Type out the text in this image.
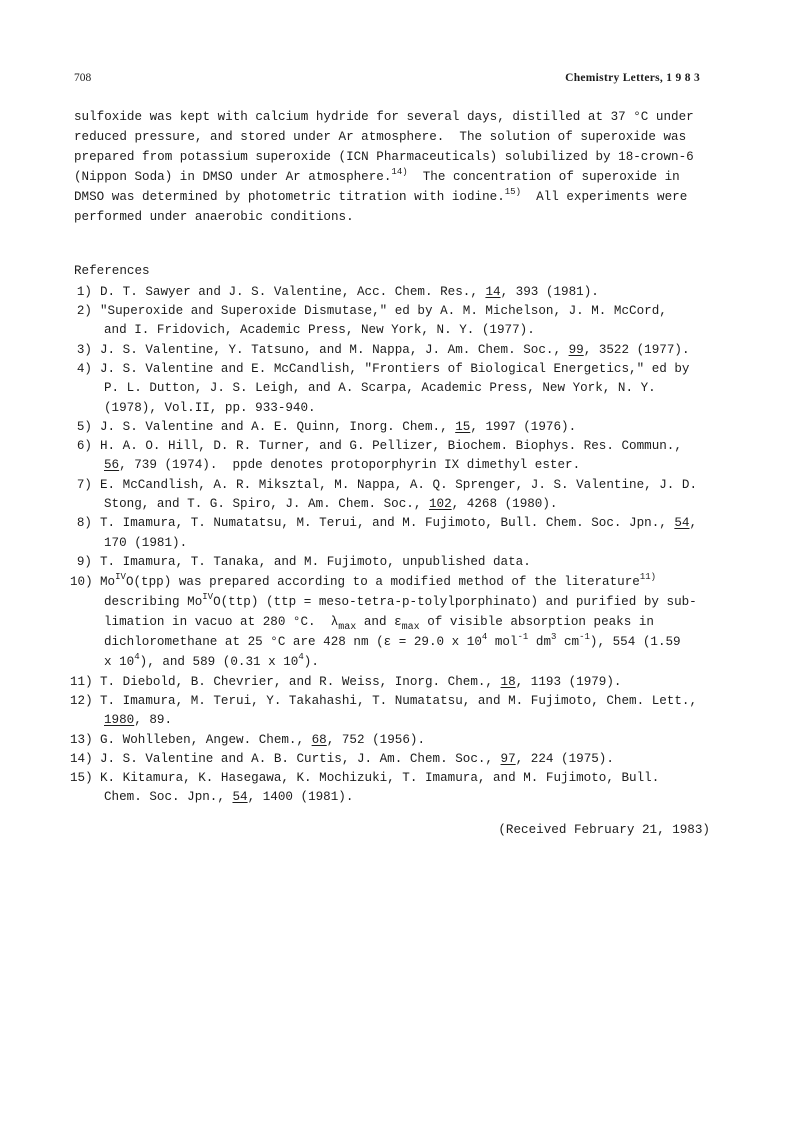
708	Chemistry Letters, 1 9 8 3
sulfoxide was kept with calcium hydride for several days, distilled at 37 °C under
reduced pressure, and stored under Ar atmosphere.  The solution of superoxide was
prepared from potassium superoxide (ICN Pharmaceuticals) solubilized by 18-crown-6
(Nippon Soda) in DMSO under Ar atmosphere.$^{14)}$  The concentration of superoxide in
DMSO was determined by photometric titration with iodine.$^{15)}$  All experiments were
performed under anaerobic conditions.
References
1) D. T. Sawyer and J. S. Valentine, Acc. Chem. Res., 14, 393 (1981).
2) "Superoxide and Superoxide Dismutase," ed by A. M. Michelson, J. M. McCord,
and I. Fridovich, Academic Press, New York, N. Y. (1977).
3) J. S. Valentine, Y. Tatsuno, and M. Nappa, J. Am. Chem. Soc., 99, 3522 (1977).
4) J. S. Valentine and E. McCandlish, "Frontiers of Biological Energetics," ed by
P. L. Dutton, J. S. Leigh, and A. Scarpa, Academic Press, New York, N. Y.
(1978), Vol.II, pp. 933-940.
5) J. S. Valentine and A. E. Quinn, Inorg. Chem., 15, 1997 (1976).
6) H. A. O. Hill, D. R. Turner, and G. Pellizer, Biochem. Biophys. Res. Commun.,
56, 739 (1974).  ppde denotes protoporphyrin IX dimethyl ester.
7) E. McCandlish, A. R. Miksztal, M. Nappa, A. Q. Sprenger, J. S. Valentine, J. D.
Stong, and T. G. Spiro, J. Am. Chem. Soc., 102, 4268 (1980).
8) T. Imamura, T. Numatatsu, M. Terui, and M. Fujimoto, Bull. Chem. Soc. Jpn., 54,
170 (1981).
9) T. Imamura, T. Tanaka, and M. Fujimoto, unpublished data.
10) $Mo^{IV}O(tpp)$ was prepared according to a modified method of the literature$^{11)}$
describing $Mo^{IV}O(ttp) (ttp$ = meso-tetra-p-tolylporphinato) and purified by sub-
limation in vacuo at 280 °C.  $\lambda_{max}$ and $\varepsilon_{max}$ of visible absorption peaks in
dichloromethane at 25 °C are 428 nm (ε = 29.0 x $10^4$ mol$^{-1}$ $dm^3$ $cm^{-1}$), 554 (1.59
x $10^4$), and 589 (0.31 x $10^4$).
11) T. Diebold, B. Chevrier, and R. Weiss, Inorg. Chem., 18, 1193 (1979).
12) T. Imamura, M. Terui, Y. Takahashi, T. Numatatsu, and M. Fujimoto, Chem. Lett.,
1980, 89.
13) G. Wohlleben, Angew. Chem., 68, 752 (1956).
14) J. S. Valentine and A. B. Curtis, J. Am. Chem. Soc., 97, 224 (1975).
15) K. Kitamura, K. Hasegawa, K. Mochizuki, T. Imamura, and M. Fujimoto, Bull.
Chem. Soc. Jpn., 54, 1400 (1981).
(Received February 21, 1983)
